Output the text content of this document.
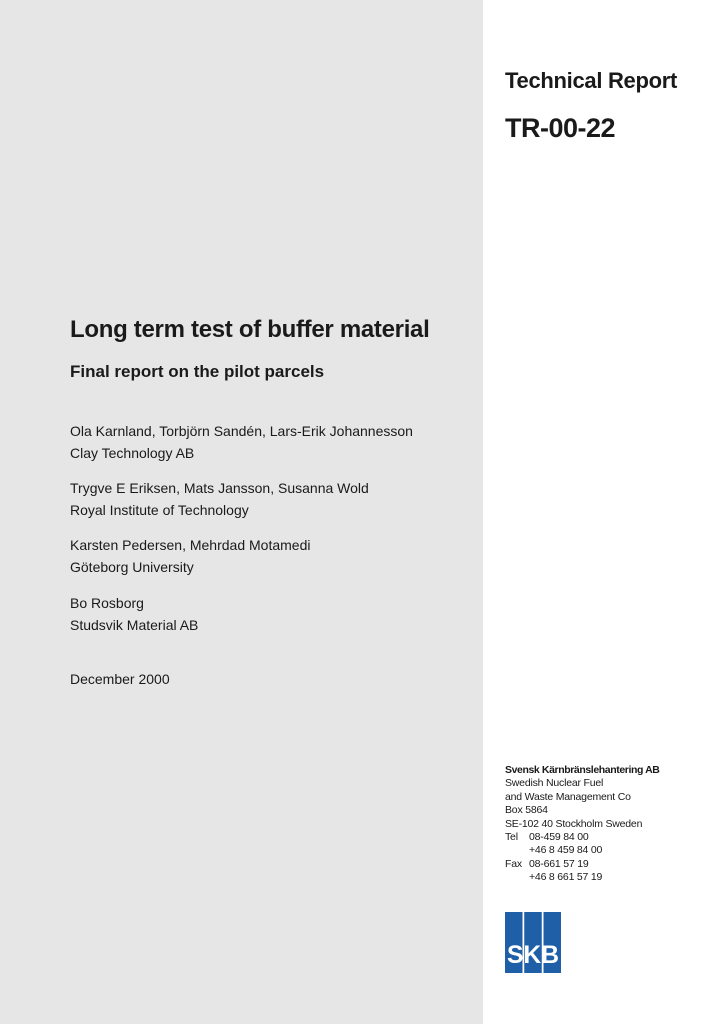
Technical Report
TR-00-22
Long term test of buffer material
Final report on the pilot parcels
Ola Karnland, Torbjörn Sandén, Lars-Erik Johannesson
Clay Technology AB
Trygve E Eriksen, Mats Jansson, Susanna Wold
Royal Institute of Technology
Karsten Pedersen, Mehrdad Motamedi
Göteborg University
Bo Rosborg
Studsvik Material AB
December 2000
Svensk Kärnbränslehantering AB
Swedish Nuclear Fuel
and Waste Management Co
Box 5864
SE-102 40 Stockholm Sweden
Tel	08-459 84 00
+46 8 459 84 00
Fax 08-661 57 19
+46 8 661 57 19
SKB
